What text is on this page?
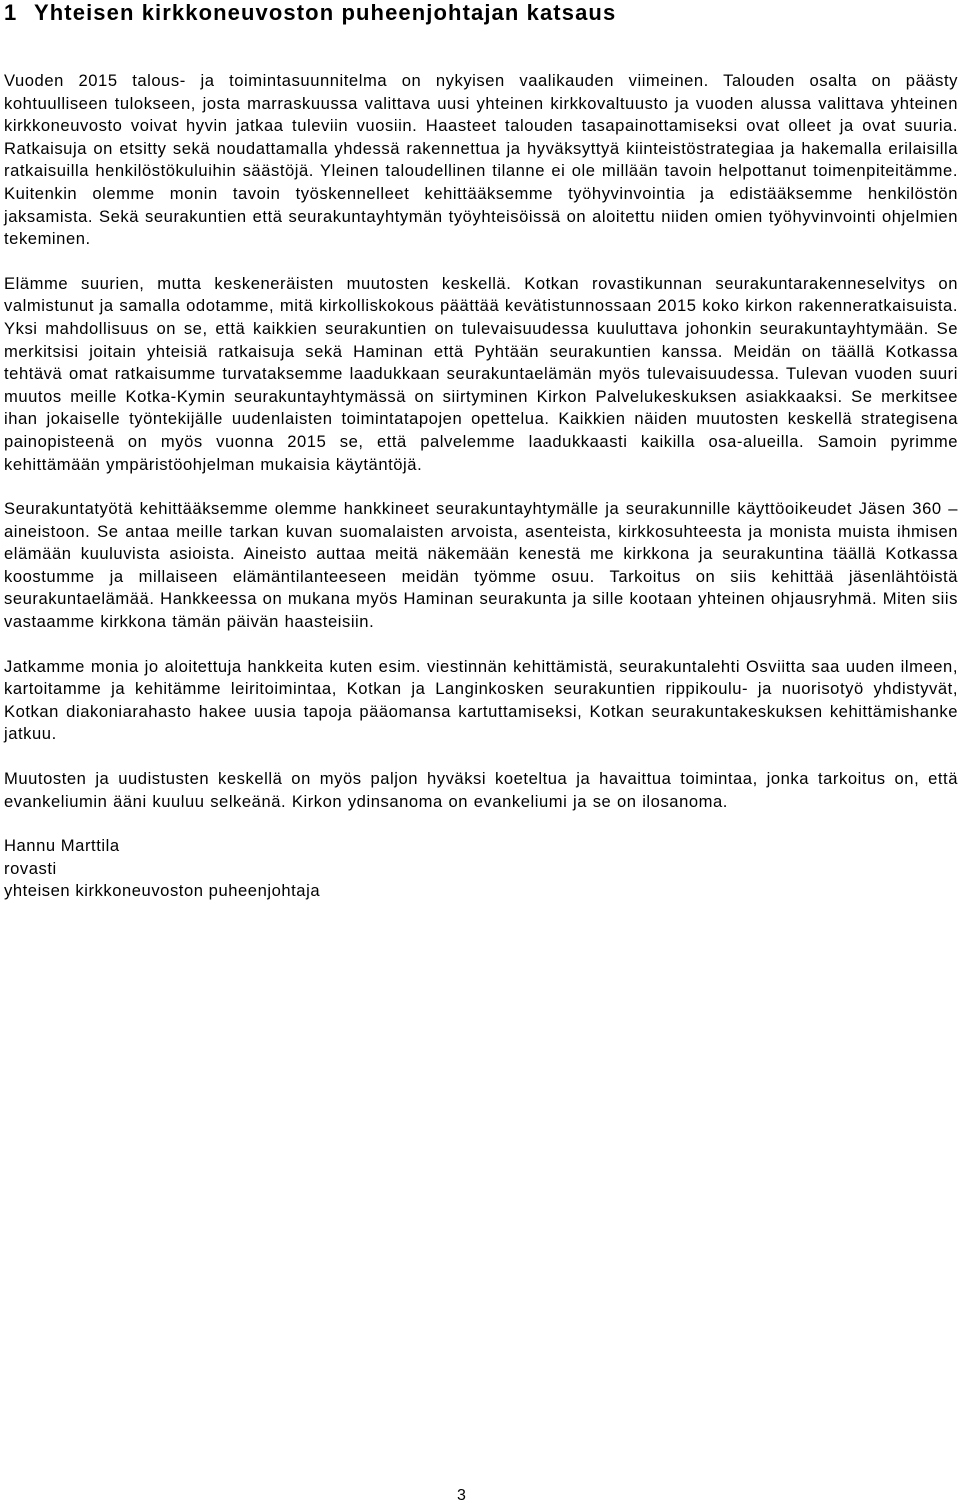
1 Yhteisen kirkkoneuvoston puheenjohtajan katsaus

Vuoden 2015 talous- ja toimintasuunnitelma on nykyisen vaalikauden viimeinen. Talouden osalta on päästy kohtuulliseen tulokseen, josta marraskuussa valittava uusi yhteinen kirkkovaltuusto ja vuoden alussa valittava yhteinen kirkkoneuvosto voivat hyvin jatkaa tuleviin vuosiin. Haasteet talouden tasapainottamiseksi ovat olleet ja ovat suuria. Ratkaisuja on etsitty sekä noudattamalla yhdessä rakennettua ja hyväksyttyä kiinteistöstrategiaa ja hakemalla erilaisilla ratkaisuilla henkilöstökuluihin säästöjä. Yleinen taloudellinen tilanne ei ole millään tavoin helpottanut toimenpiteitämme. Kuitenkin olemme monin tavoin työskennelleet kehittääksemme työhyvinvointia ja edistääksemme henkilöstön jaksamista. Sekä seurakuntien että seurakuntayhtymän työyhteisöissä on aloitettu niiden omien työhyvinvointi ohjelmien tekeminen.

Elämme suurien, mutta keskeneräisten muutosten keskellä. Kotkan rovastikunnan seurakuntarakenneselvitys on valmistunut ja samalla odotamme, mitä kirkolliskokous päättää kevätistunnossaan 2015 koko kirkon rakenneratkaisuista. Yksi mahdollisuus on se, että kaikkien seurakuntien on tulevaisuudessa kuuluttava johonkin seurakuntayhtymään. Se merkitsisi joitain yhteisiä ratkaisuja sekä Haminan että Pyhtään seurakuntien kanssa. Meidän on täällä Kotkassa tehtävä omat ratkaisumme turvataksemme laadukkaan seurakuntaelämän myös tulevaisuudessa. Tulevan vuoden suuri muutos meille Kotka-Kymin seurakuntayhtymässä on siirtyminen Kirkon Palvelukeskuksen asiakkaaksi. Se merkitsee ihan jokaiselle työntekijälle uudenlaisten toimintatapojen opettelua. Kaikkien näiden muutosten keskellä strategisena painopisteenä on myös vuonna 2015 se, että palvelemme laadukkaasti kaikilla osa-alueilla. Samoin pyrimme kehittämään ympäristöohjelman mukaisia käytäntöjä.

Seurakuntatyötä kehittääksemme olemme hankkineet seurakuntayhtymälle ja seurakunnille käyttöoikeudet Jäsen 360 – aineistoon. Se antaa meille tarkan kuvan suomalaisten arvoista, asenteista, kirkkosuhteesta ja monista muista ihmisen elämään kuuluvista asioista. Aineisto auttaa meitä näkemään kenestä me kirkkona ja seurakuntina täällä Kotkassa koostumme ja millaiseen elämäntilanteeseen meidän työmme osuu. Tarkoitus on siis kehittää jäsenlähtöistä seurakuntaelämää. Hankkeessa on mukana myös Haminan seurakunta ja sille kootaan yhteinen ohjausryhmä. Miten siis vastaamme kirkkona tämän päivän haasteisiin.

Jatkamme monia jo aloitettuja hankkeita kuten esim. viestinnän kehittämistä, seurakuntalehti Osviitta saa uuden ilmeen, kartoitamme ja kehitämme leiritoimintaa, Kotkan ja Langinkosken seurakuntien rippikoulu- ja nuorisotyö yhdistyvät, Kotkan diakoniarahasto hakee uusia tapoja pääomansa kartuttamiseksi, Kotkan seurakuntakeskuksen kehittämishanke jatkuu.

Muutosten ja uudistusten keskellä on myös paljon hyväksi koeteltua ja havaittua toimintaa, jonka tarkoitus on, että evankeliumin ääni kuuluu selkeänä. Kirkon ydinsanoma on evankeliumi ja se on ilosanoma.

Hannu Marttila
rovasti
yhteisen kirkkoneuvoston puheenjohtaja
3
